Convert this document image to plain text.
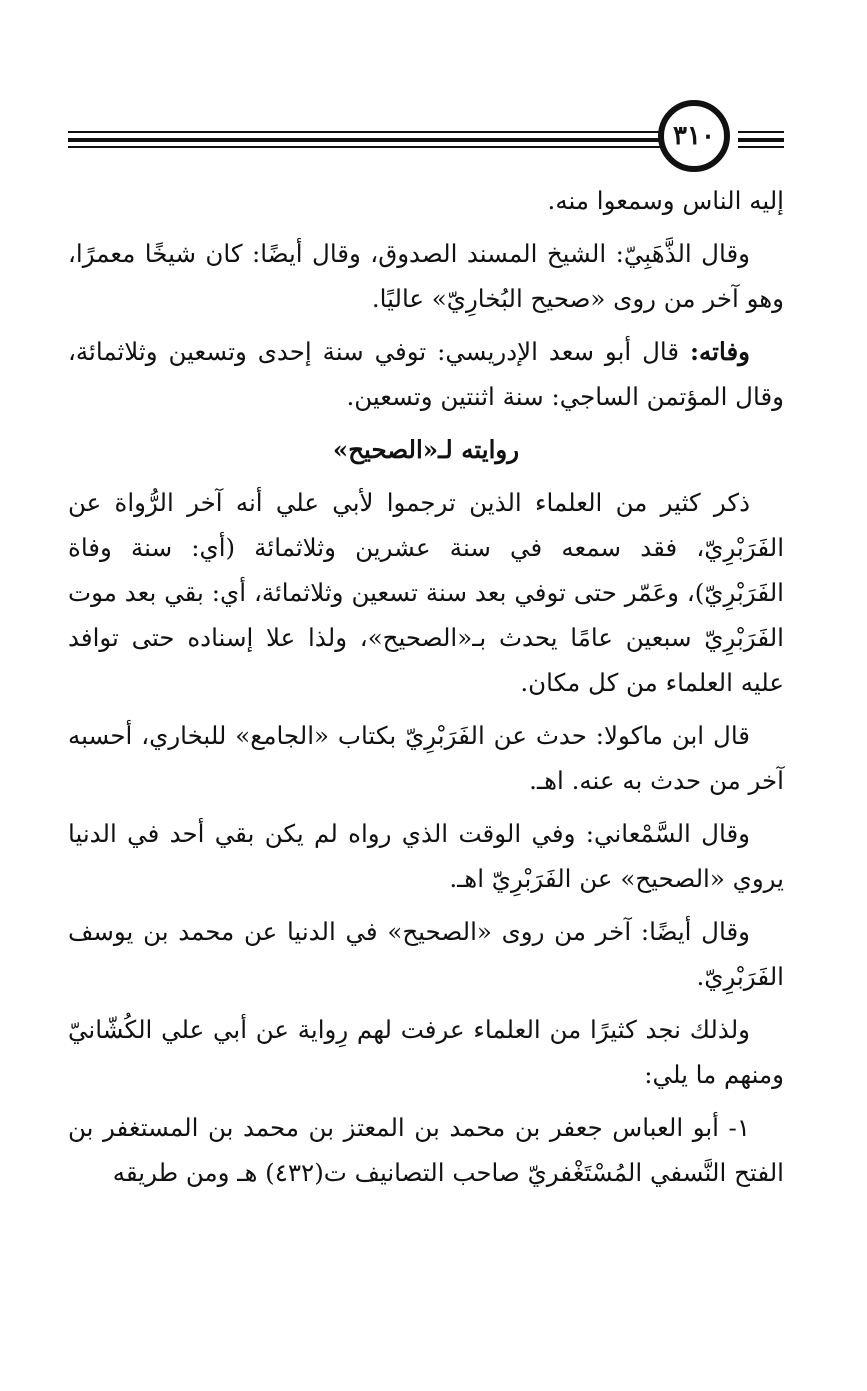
٣١٠

إليه الناس وسمعوا منه.

وقال الذَّهَبِيّ: الشيخ المسند الصدوق، وقال أيضًا: كان شيخًا معمرًا، وهو آخر من روى «صحيح البُخارِيّ» عاليًا.

وفاته: قال أبو سعد الإدريسي: توفي سنة إحدى وتسعين وثلاثمائة، وقال المؤتمن الساجي: سنة اثنتين وتسعين.

روايته لـ«الصحيح»

ذكر كثير من العلماء الذين ترجموا لأبي علي أنه آخر الرُّواة عن الفَرَبْرِيّ، فقد سمعه في سنة عشرين وثلاثمائة (أي: سنة وفاة الفَرَبْرِيّ)، وعَمّر حتى توفي بعد سنة تسعين وثلاثمائة، أي: بقي بعد موت الفَرَبْرِيّ سبعين عامًا يحدث بـ«الصحيح»، ولذا علا إسناده حتى توافد عليه العلماء من كل مكان.

قال ابن ماكولا: حدث عن الفَرَبْرِيّ بكتاب «الجامع» للبخاري، أحسبه آخر من حدث به عنه. اهـ.

وقال السَّمْعاني: وفي الوقت الذي رواه لم يكن بقي أحد في الدنيا يروي «الصحيح» عن الفَرَبْرِيّ اهـ.

وقال أيضًا: آخر من روى «الصحيح» في الدنيا عن محمد بن يوسف الفَرَبْرِيّ.

ولذلك نجد كثيرًا من العلماء عرفت لهم رِواية عن أبي علي الكُشّانيّ ومنهم ما يلي:

١- أبو العباس جعفر بن محمد بن المعتز بن محمد بن المستغفر بن الفتح النَّسفي المُسْتَغْفريّ صاحب التصانيف ت(٤٣٢) هـ ومن طريقه
